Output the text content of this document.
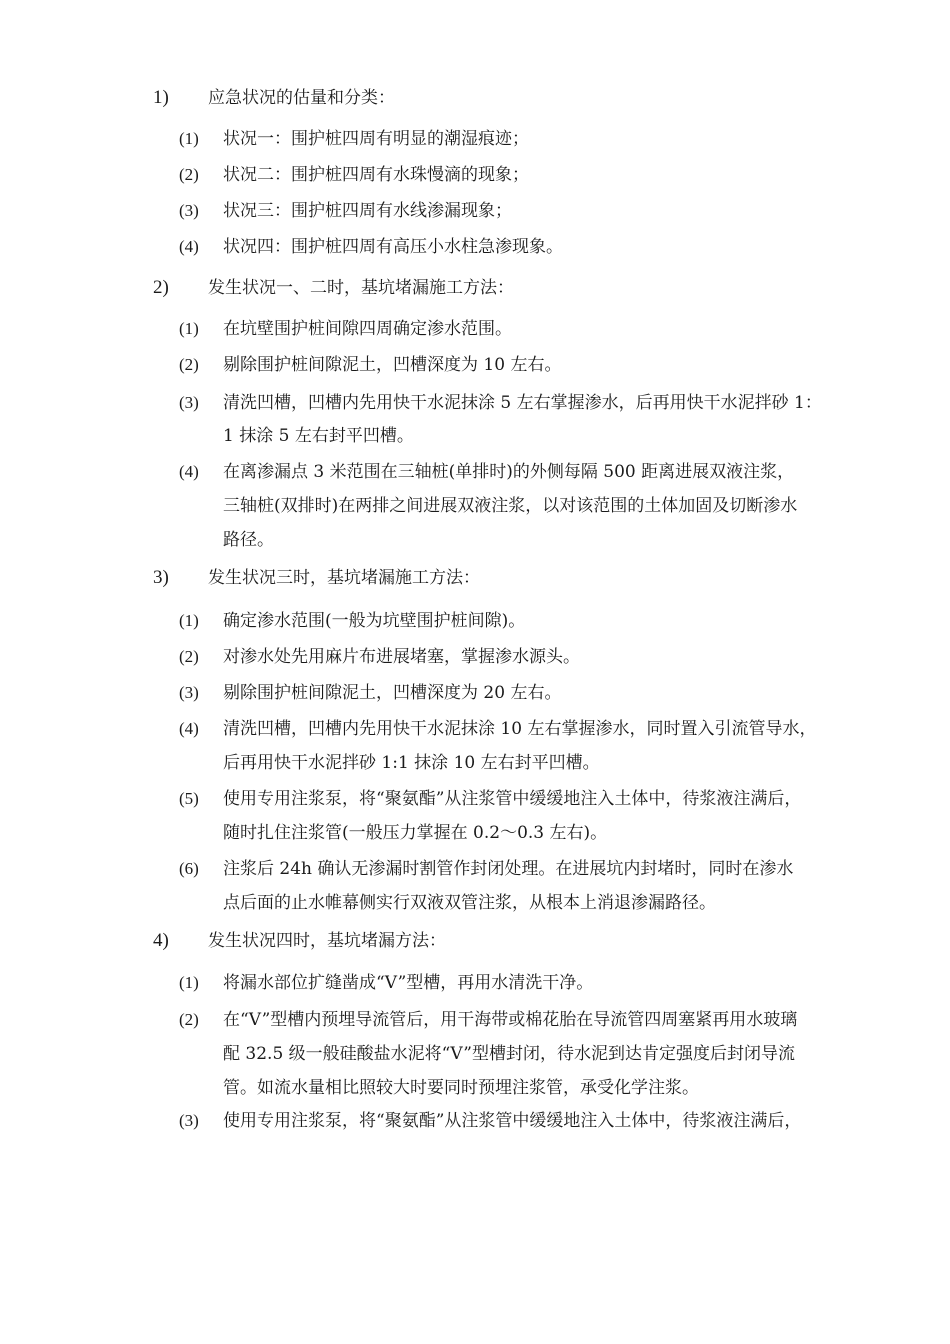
1) 应急状况的估量和分类：
(1) 状况一：围护桩四周有明显的潮湿痕迹；
(2) 状况二：围护桩四周有水珠慢滴的现象；
(3) 状况三：围护桩四周有水线渗漏现象；
(4) 状况四：围护桩四周有高压小水柱急渗现象。
2) 发生状况一、二时，基坑堵漏施工方法：
(1) 在坑壁围护桩间隙四周确定渗水范围。
(2) 剔除围护桩间隙泥土，凹槽深度为 10 左右。
(3) 清洗凹槽，凹槽内先用快干水泥抹涂 5 左右掌握渗水，后再用快干水泥拌砂 1：
1 抹涂 5 左右封平凹槽。
(4) 在离渗漏点 3 米范围在三轴桩(单排时)的外侧每隔 500 距离进展双液注浆，
三轴桩(双排时)在两排之间进展双液注浆，以对该范围的土体加固及切断渗水
路径。
3) 发生状况三时，基坑堵漏施工方法：
(1) 确定渗水范围(一般为坑壁围护桩间隙)。
(2) 对渗水处先用麻片布进展堵塞，掌握渗水源头。
(3) 剔除围护桩间隙泥土，凹槽深度为 20 左右。
(4) 清洗凹槽，凹槽内先用快干水泥抹涂 10 左右掌握渗水，同时置入引流管导水，
后再用快干水泥拌砂 1:1 抹涂 10 左右封平凹槽。
(5) 使用专用注浆泵，将“聚氨酯”从注浆管中缓缓地注入土体中，待浆液注满后，
随时扎住注浆管(一般压力掌握在 0.2～0.3 左右)。
(6) 注浆后 24h 确认无渗漏时割管作封闭处理。在进展坑内封堵时，同时在渗水
点后面的止水帷幕侧实行双液双管注浆，从根本上消退渗漏路径。
4) 发生状况四时，基坑堵漏方法：
(1) 将漏水部位扩缝凿成“V”型槽，再用水清洗干净。
(2) 在“V”型槽内预埋导流管后，用干海带或棉花胎在导流管四周塞紧再用水玻璃
配 32.5 级一般硅酸盐水泥将“V”型槽封闭，待水泥到达肯定强度后封闭导流
管。如流水量相比照较大时要同时预埋注浆管，承受化学注浆。
(3) 使用专用注浆泵，将“聚氨酯”从注浆管中缓缓地注入土体中，待浆液注满后，
